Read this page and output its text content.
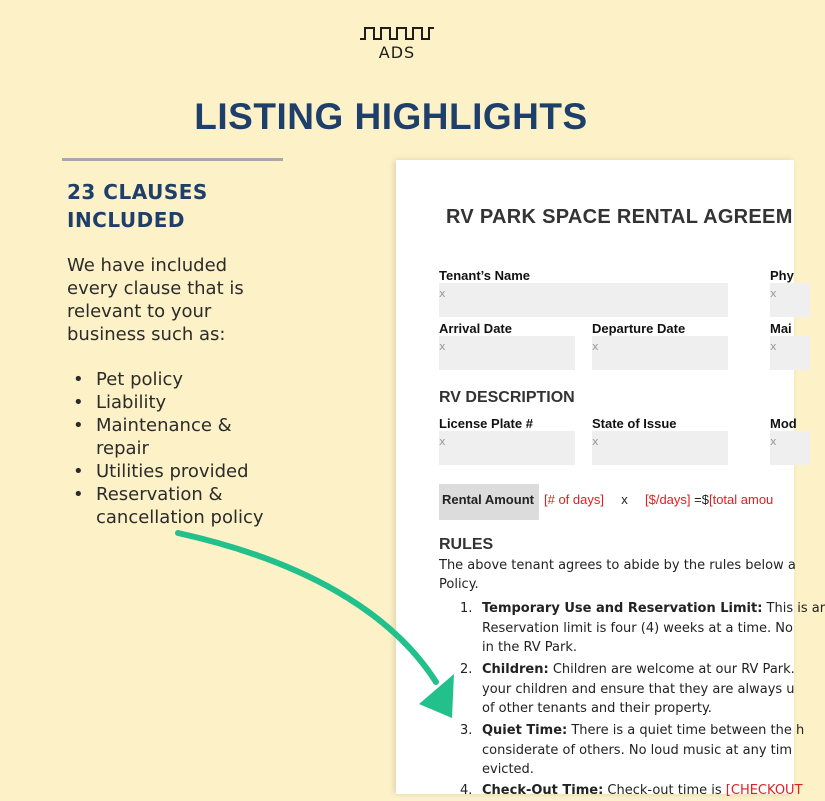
ADS
LISTING HIGHLIGHTS
23 CLAUSES
INCLUDED
We have included
every clause that is
relevant to your
business such as:
• Pet policy
• Liability
• Maintenance &
repair
• Utilities provided
• Reservation &
cancellation policy
RV PARK SPACE RENTAL AGREEM
Tenant’s Name
x
Phy
x
Arrival Date
x
Departure Date
x
Mai
x
RV DESCRIPTION
License Plate #
x
State of Issue
x
Mod
x
Rental Amount [# of days] x [$/days] =$[total amou
RULES
The above tenant agrees to abide by the rules below a
Policy.
1. Temporary Use and Reservation Limit: This is ar
Reservation limit is four (4) weeks at a time. No
in the RV Park.
2. Children: Children are welcome at our RV Park.
your children and ensure that they are always u
of other tenants and their property.
3. Quiet Time: There is a quiet time between the h
considerate of others. No loud music at any tim
evicted.
4. Check-Out Time: Check-out time is [CHECKOUT
